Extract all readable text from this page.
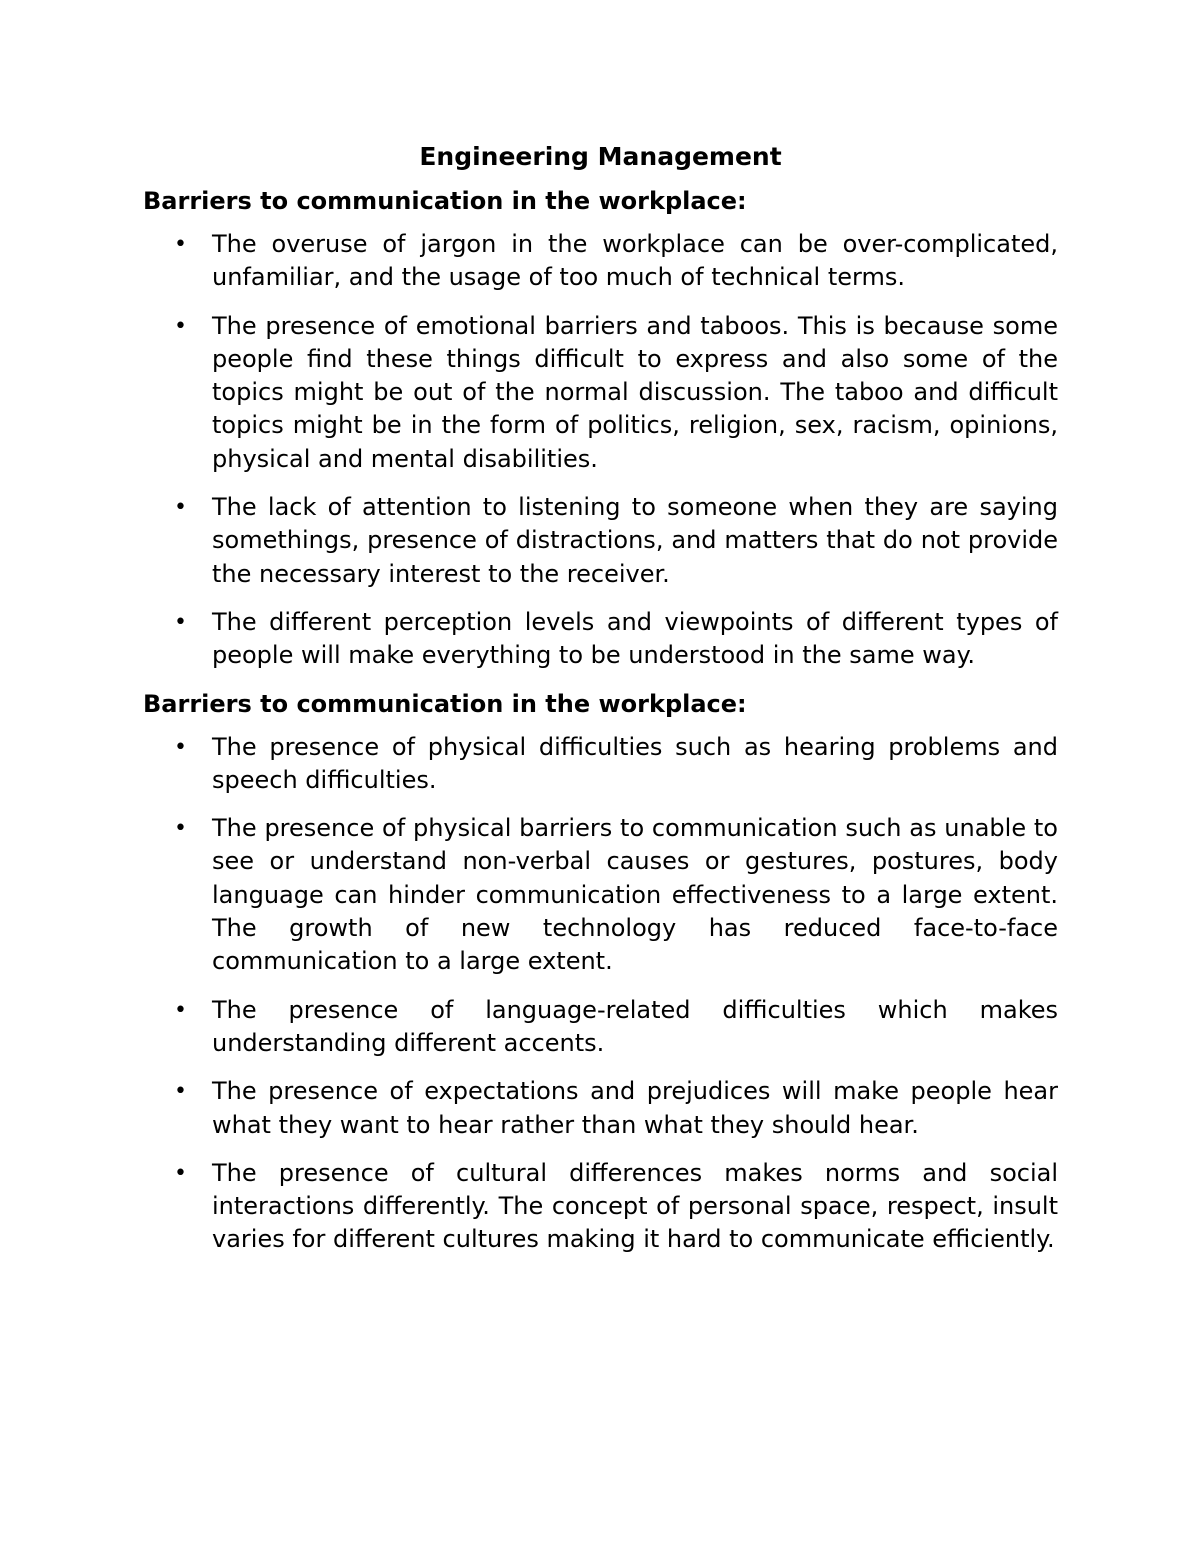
Engineering Management
Barriers to communication in the workplace:
• The overuse of jargon in the workplace can be over-complicated, unfamiliar, and the usage of too much of technical terms.
• The presence of emotional barriers and taboos. This is because some people find these things difficult to express and also some of the topics might be out of the normal discussion. The taboo and difficult topics might be in the form of politics, religion, sex, racism, opinions, physical and mental disabilities.
• The lack of attention to listening to someone when they are saying somethings, presence of distractions, and matters that do not provide the necessary interest to the receiver.
• The different perception levels and viewpoints of different types of people will make everything to be understood in the same way.
Barriers to communication in the workplace:
• The presence of physical difficulties such as hearing problems and speech difficulties.
• The presence of physical barriers to communication such as unable to see or understand non-verbal causes or gestures, postures, body language can hinder communication effectiveness to a large extent. The growth of new technology has reduced face-to-face communication to a large extent.
• The presence of language-related difficulties which makes understanding different accents.
• The presence of expectations and prejudices will make people hear what they want to hear rather than what they should hear.
• The presence of cultural differences makes norms and social interactions differently. The concept of personal space, respect, insult varies for different cultures making it hard to communicate efficiently.
